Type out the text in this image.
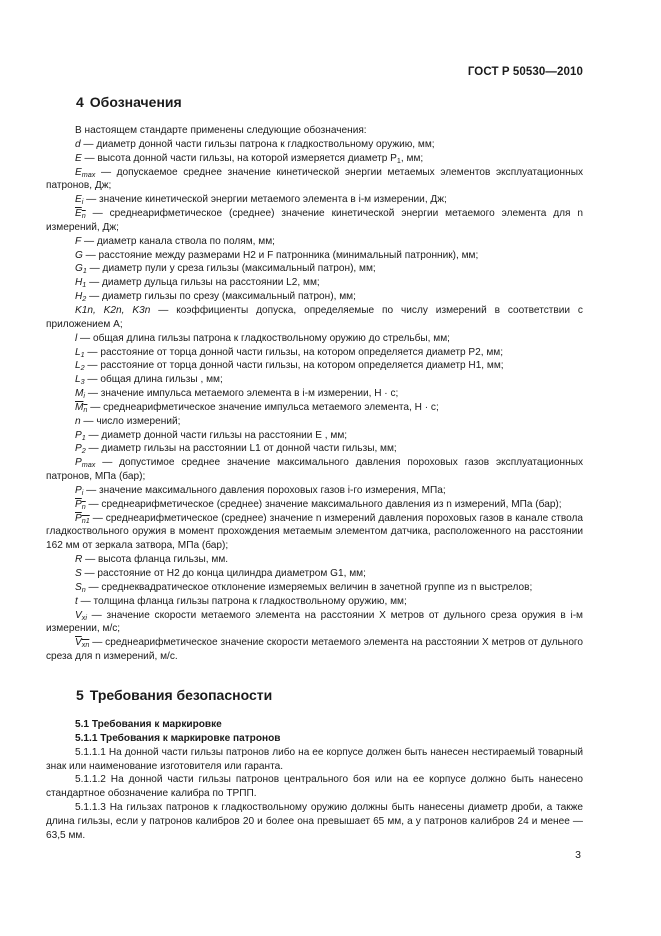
ГОСТ Р 50530—2010
4 Обозначения

В настоящем стандарте применены следующие обозначения:

d — диаметр донной части гильзы патрона к гладкоствольному оружию, мм;

E — высота донной части гильзы, на которой измеряется диаметр $P_1$, мм;

$E_{max}$ — допускаемое среднее значение кинетической энергии метаемых элементов эксплуатационных патронов, Дж;

$E_i$ — значение кинетической энергии метаемого элемента в i-м измерении, Дж;

$E_n$ — среднеарифметическое (среднее) значение кинетической энергии метаемого элемента для n измерений, Дж;

F — диаметр канала ствола по полям, мм;

G — расстояние между размерами H2 и F патронника (минимальный патронник), мм;

$G_1$ — диаметр пули у среза гильзы (максимальный патрон), мм;

$H_1$ — диаметр дульца гильзы на расстоянии L2, мм;

$H_2$ — диаметр гильзы по срезу (максимальный патрон), мм;

K1n, K2n, K3n — коэффициенты допуска, определяемые по числу измерений в соответствии с приложением А;

l — общая длина гильзы патрона к гладкоствольному оружию до стрельбы, мм;

$L_1$ — расстояние от торца донной части гильзы, на котором определяется диаметр P2, мм;

$L_2$ — расстояние от торца донной части гильзы, на котором определяется диаметр H1, мм;

$L_3$ — общая длина гильзы , мм;

$M_i$ — значение импульса метаемого элемента в i-м измерении, Н · с;

$M_n$ — среднеарифметическое значение импульса метаемого элемента, Н · с;

n — число измерений;

$P_1$ — диаметр донной части гильзы на расстоянии E , мм;

$P_2$ — диаметр гильзы на расстоянии L1 от донной части гильзы, мм;

$P_{max}$ — допустимое среднее значение максимального давления пороховых газов эксплуатационных патронов, МПа (бар);

$P_i$ — значение максимального давления пороховых газов i-го измерения, МПа;

$P_n$ — среднеарифметическое (среднее) значение максимального давления из n измерений, МПа (бар);

$P_{n1}$ — среднеарифметическое (среднее) значение n измерений давления пороховых газов в канале ствола гладкоствольного оружия в момент прохождения метаемым элементом датчика, расположенного на расстоянии 162 мм от зеркала затвора, МПа (бар);

R — высота фланца гильзы, мм.

S — расстояние от H2 до конца цилиндра диаметром G1, мм;

$S_n$ — среднеквадратическое отклонение измеряемых величин в зачетной группе из n выстрелов;

t — толщина фланца гильзы патрона к гладкоствольному оружию, мм;

$V_{xi}$ — значение скорости метаемого элемента на расстоянии X метров от дульного среза оружия в i-м измерении, м/с;

$V_{xn}$ — среднеарифметическое значение скорости метаемого элемента на расстоянии X метров от дульного среза для n измерений, м/с.

5 Требования безопасности

5.1 Требования к маркировке

5.1.1 Требования к маркировке патронов

5.1.1.1 На донной части гильзы патронов либо на ее корпусе должен быть нанесен нестираемый товарный знак или наименование изготовителя или гаранта.

5.1.1.2 На донной части гильзы патронов центрального боя или на ее корпусе должно быть нанесено стандартное обозначение калибра по ТРПП.

5.1.1.3 На гильзах патронов к гладкоствольному оружию должны быть нанесены диаметр дроби, а также длина гильзы, если у патронов калибров 20 и более она превышает 65 мм, а у патронов калибров 24 и менее — 63,5 мм.

3
